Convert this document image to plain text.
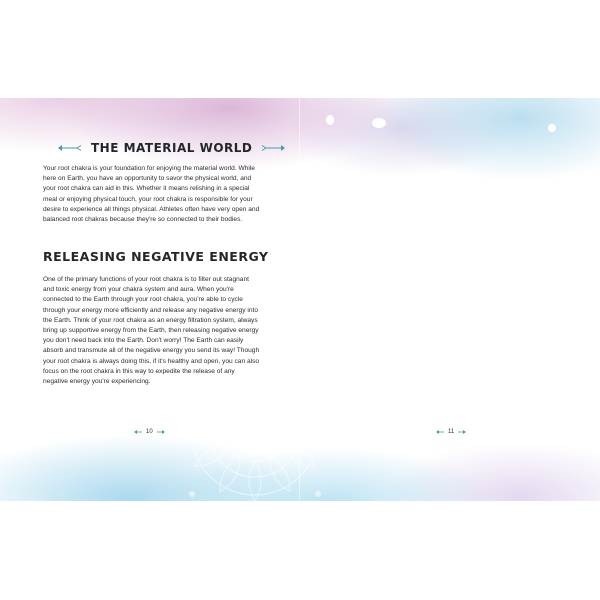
THE MATERIAL WORLD

Your root chakra is your foundation for enjoying the material world. While here on Earth, you have an opportunity to savor the physical world, and your root chakra can aid in this. Whether it means relishing in a special meal or enjoying physical touch, your root chakra is responsible for your desire to experience all things physical. Athletes often have very open and balanced root chakras because they're so connected to their bodies.

RELEASING NEGATIVE ENERGY

One of the primary functions of your root chakra is to filter out stagnant and toxic energy from your chakra system and aura. When you're connected to the Earth through your root chakra, you're able to cycle through your energy more efficiently and release any negative energy into the Earth. Think of your root chakra as an energy filtration system, always bring up supportive energy from the Earth, then releasing negative energy you don't need back into the Earth. Don't worry! The Earth can easily absorb and transmute all of the negative energy you send its way! Though your root chakra is always doing this, if it's healthy and open, you can also focus on the root chakra in this way to expedite the release of any negative energy you're experiencing.

10	11
